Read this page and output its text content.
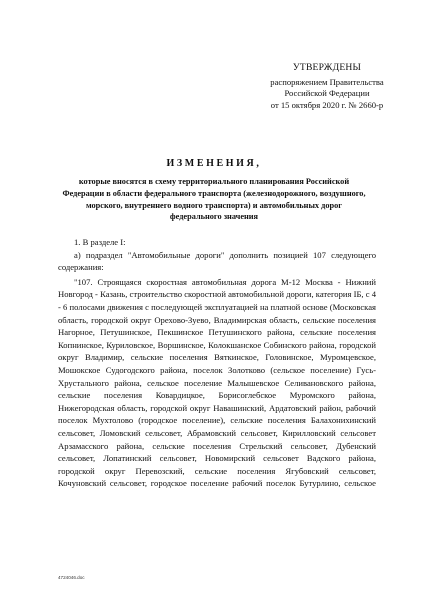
УТВЕРЖДЕНЫ
распоряжением Правительства
Российской Федерации
от 15 октября 2020 г. № 2660-р
ИЗМЕНЕНИЯ,
которые вносятся в схему территориального планирования Российской Федерации в области федерального транспорта (железнодорожного, воздушного, морского, внутреннего водного транспорта) и автомобильных дорог федерального значения

1. В разделе I:

а) подраздел "Автомобильные дороги" дополнить позицией 107 следующего содержания:

"107. Строящаяся скоростная автомобильная дорога М-12 Москва - Нижний Новгород - Казань, строительство скоростной автомобильной дороги, категория IБ, с 4 - 6 полосами движения с последующей эксплуатацией на платной основе (Московская область, городской округ Орехово-Зуево, Владимирская область, сельские поселения Нагорное, Петушинское, Пекшинское Петушинского района, сельские поселения Копнинское, Куриловское, Воршинское, Колокшанское Собинского района, городской округ Владимир, сельские поселения Вяткинское, Головинское, Муромцевское, Мошокское Судогодского района, поселок Золотково (сельское поселение) Гусь-Хрустального района, сельское поселение Малышевское Селивановского района, сельские поселения Ковардицкое, Борисоглебское Муромского района, Нижегородская область, городской округ Навашинский, Ардатовский район, рабочий поселок Мухтолово (городское поселение), сельские поселения Балахонихинский сельсовет, Ломовский сельсовет, Абрамовский сельсовет, Кирилловский сельсовет Арзамасского района, сельские поселения Стрельский сельсовет, Дубенский сельсовет, Лопатинский сельсовет, Новомирский сельсовет Вадского района, городской округ Перевозский, сельские поселения Ягубовский сельсовет, Кочуновский сельсовет, городское поселение рабочий поселок Бутурлино, сельское

4724046.doc
